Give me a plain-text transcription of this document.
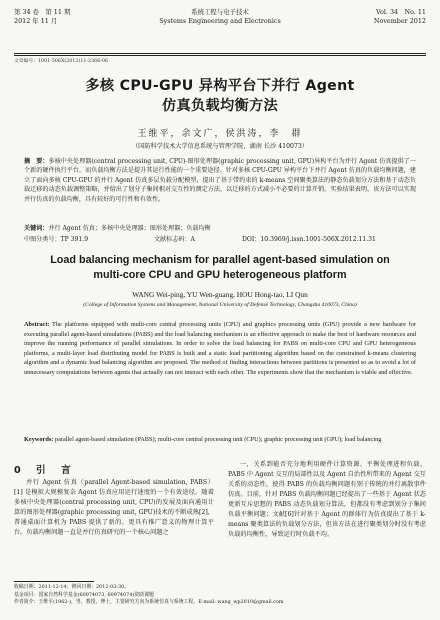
第 34 卷　第 11 期
2012 年 11 月
系统工程与电子技术
Systems Engineering and Electronics
Vol. 34　No. 11
November 2012
文章编号：1001-506X(2012)11-2366-06
多核 CPU-GPU 异构平台下并行 Agent
仿真负载均衡方法
王维平，余文广，侯洪涛，李　群
（国防科学技术大学信息系统与管理学院，湖南 长沙 410073）
摘　要：多核中央处理器(central processing unit, CPU)-图形处理器(graphic processing unit, GPU)异构平台为并行 Agent 仿真提供了一个新的硬件执行平台，而负载均衡方法是提升其运行性能的一个重要途径。针对多核 CPU-GPU 异构平台下并行 Agent 仿真的负载均衡问题，建立了面向多核 CPU-GPU 的并行 Agent 仿真多层负载分配模型，提出了基于带约束的 k-means 空间聚类算法的静态负载划分方法和基于动态负载迁移的动态负载调整策略，并给出了划分子集间相对交互性的测定方法，以迁移的方式减小不必要的计算开销。实验结果表明，该方法可以实现并行仿真的负载均衡，具有较好的可行性和有效性。
关键词：并行 Agent 仿真；多核中央处理器；图形处理器；负载均衡
中图分类号：TP 391.9	文献标志码：A	DOI：10.3969/j.issn.1001-506X.2012.11.31
Load balancing mechanism for parallel agent-based simulation on
multi-core CPU and GPU heterogeneous platform
WANG Wei-ping, YU Wen-guang, HOU Hong-tao, LI Qun
(College of Information Systems and Management, National University of Defense Technology, Changsha 410073, China)
Abstract: The platforms equipped with multi-core central processing units (CPU) and graphics processing units (GPU) provide a new hardware for executing parallel agent-based simulations (PABS) and the load balancing mechanism is an effective approach to make the best of hardware resources and improve the running performance of parallel simulations. In order to solve the load balancing for PABS on multi-core CPU and GPU heterogeneous platforms, a multi-layer load distributing model for PABS is built and a static load partitioning algorithm based on the constrained k-means clustering algorithm and a dynamic load balancing algorithm are proposed. The method of finding interactions between partitions is presented so as to avoid a lot of unnecessary computations between agents that actually can not interact with each other. The experiments show that the mechanism is viable and effective.
Keywords: parallel agent-based simulation (PABS); multi-core central processing unit (CPU); graphic processing unit (GPU); load balancing
0 引 言
并行 Agent 仿真（parallel Agent-based simulation, PABS）[1] 是模拟大规模复杂 Agent 仿真应用运行速度的一个有效途径。随着多核中央处理器(central processing unit, CPU)的发展及面向通用计算的图形处理器(graphic processing unit, GPU)技术的不断成熟[2]，普通桌面计算机为 PABS 提供了新的、更具有推广意义的物理计算平台。负载均衡问题一直是并行仿真研究的一个核心问题之
一，关系到能否充分地利用硬件计算资源、平衡处理进程负载。PABS 中 Agent 交互的局部性以及 Agent 自治性所带来的 Agent 交互关系的动态性，使得 PABS 的负载均衡问题有别于传统的并行离散事件仿真。目前，针对 PABS 负载均衡问题已经提出了一些基于 Agent 状态更新互斥思想的 PABS 动态负载划分算法，但都没有考虑到划分子集间负载平衡问题；文献[6]针对基于 Agent 的群体行为仿真提出了基于 k-means 聚类算法的负载划分方法，但该方法在进行聚类划分时没有考虑负载的均衡性，导致运行时负载不均。
收稿日期：2011-12-14；修回日期：2012-03-30。
基金项目：国家自然科学基金(60974073, 60974074)资助课题
作者简介：王维平(1962-)，男，教授，博士，主要研究方向为系统仿真与系统工程。E-mail: wang_wp2010@gmail.com
